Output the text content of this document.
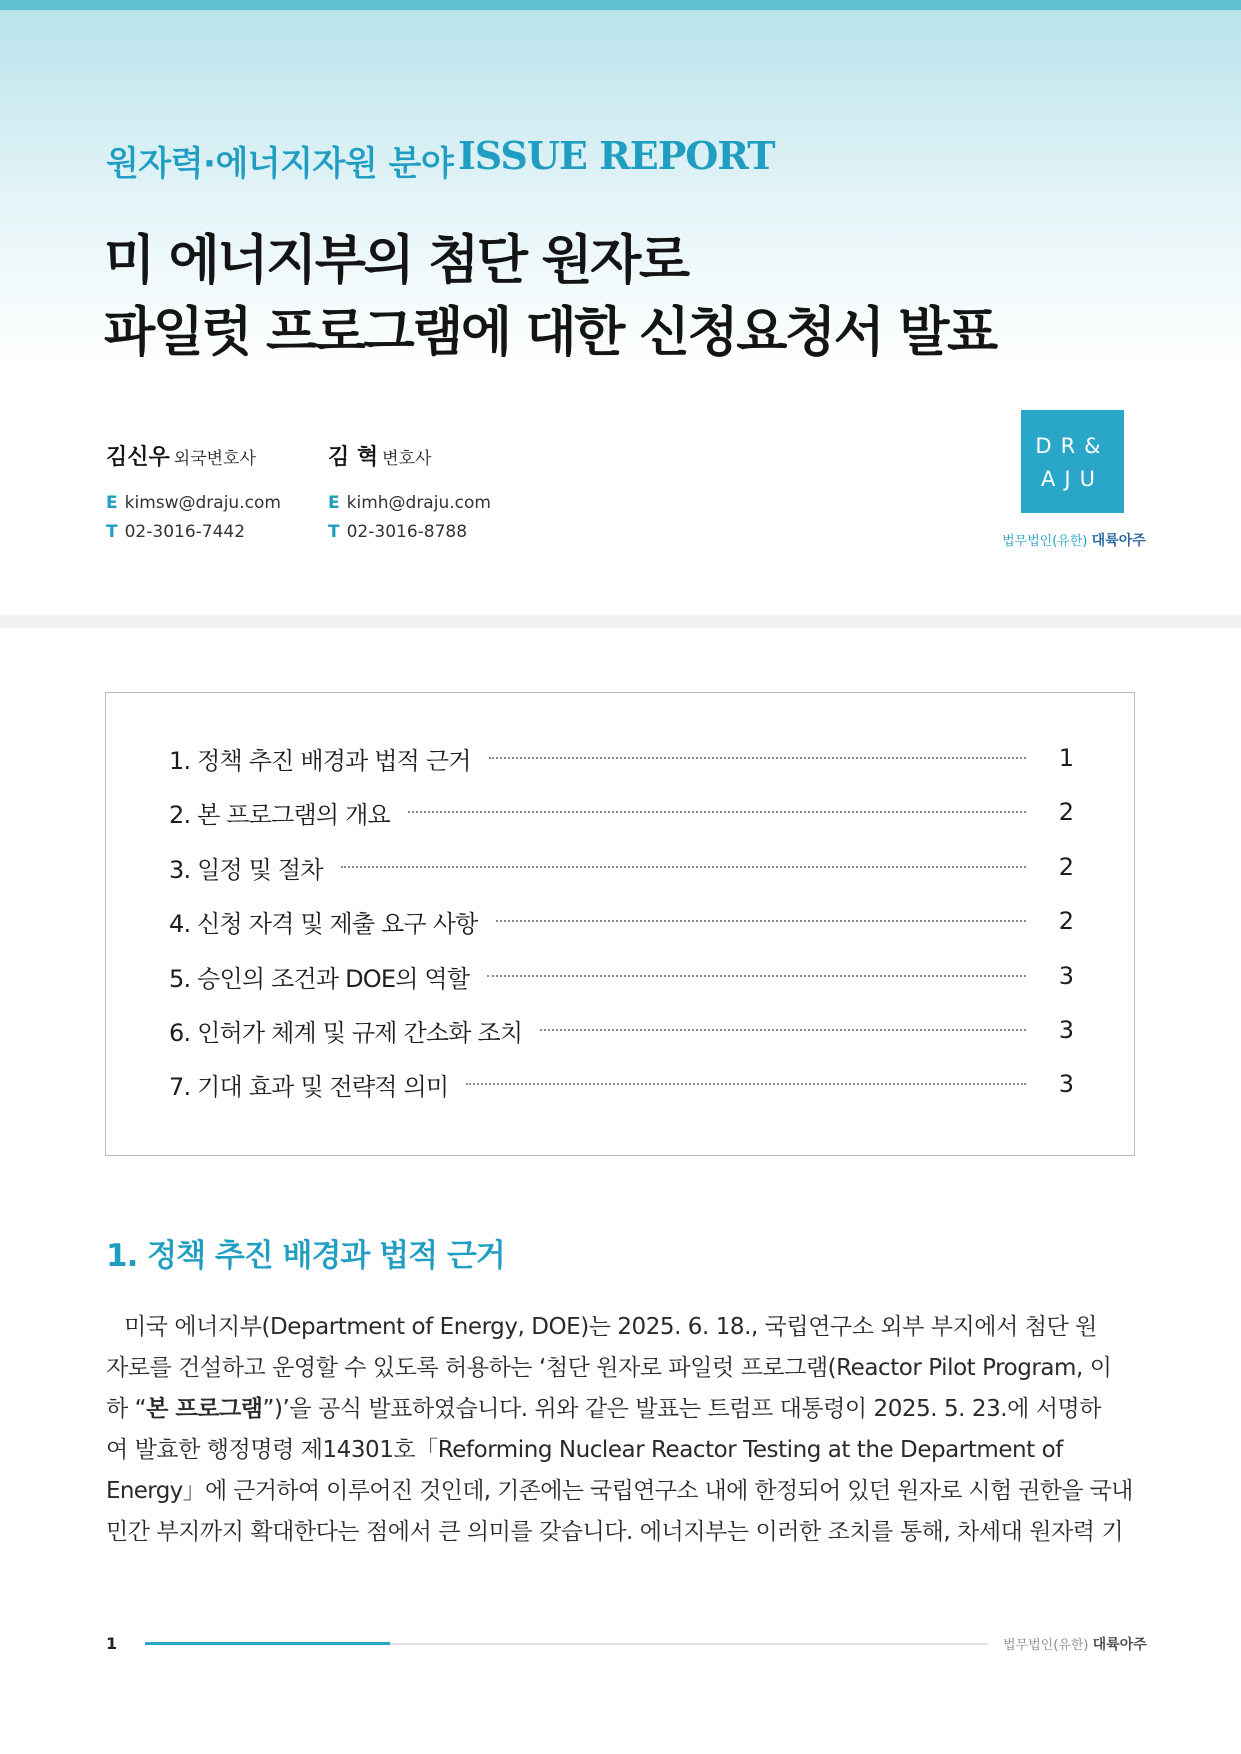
원자력·에너지자원 분야 ISSUE REPORT
미 에너지부의 첨단 원자로
파일럿 프로그램에 대한 신청요청서 발표
김신우 외국변호사
E kimsw@draju.com
T 02-3016-7442
김 혁 변호사
E kimh@draju.com
T 02-3016-8788
DR&
AJU
법무법인(유한) 대륙아주
1. 정책 추진 배경과 법적 근거	1
2. 본 프로그램의 개요	2
3. 일정 및 절차	2
4. 신청 자격 및 제출 요구 사항	2
5. 승인의 조건과 DOE의 역할	3
6. 인허가 체계 및 규제 간소화 조치	3
7. 기대 효과 및 전략적 의미	3
1. 정책 추진 배경과 법적 근거
미국 에너지부(Department of Energy, DOE)는 2025. 6. 18., 국립연구소 외부 부지에서 첨단 원
자로를 건설하고 운영할 수 있도록 허용하는 ‘첨단 원자로 파일럿 프로그램(Reactor Pilot Program, 이
하 “본 프로그램”)’을 공식 발표하였습니다. 위와 같은 발표는 트럼프 대통령이 2025. 5. 23.에 서명하
여 발효한 행정명령 제14301호「Reforming Nuclear Reactor Testing at the Department of
Energy」에 근거하여 이루어진 것인데, 기존에는 국립연구소 내에 한정되어 있던 원자로 시험 권한을 국내
민간 부지까지 확대한다는 점에서 큰 의미를 갖습니다. 에너지부는 이러한 조치를 통해, 차세대 원자력 기
1	법무법인(유한) 대륙아주
